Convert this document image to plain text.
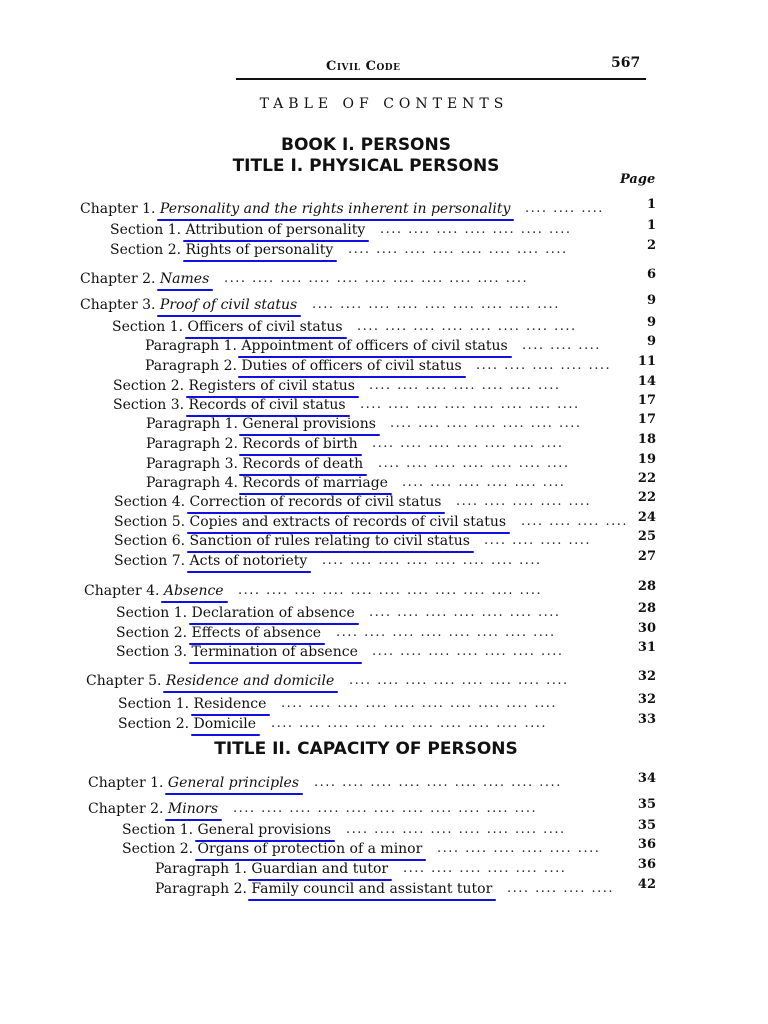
Civil Code	567
TABLE OF CONTENTS
BOOK I. PERSONS
TITLE I. PHYSICAL PERSONS
Page
TITLE II. CAPACITY OF PERSONS
Chapter 1. Personality and the rights inherent in personality .... .... ....	1
Section 1. Attribution of personality .... .... .... .... .... .... ....	1
Section 2. Rights of personality .... .... .... .... .... .... .... ....	2
Chapter 2. Names .... .... .... .... .... .... .... .... .... .... ....	6
Chapter 3. Proof of civil status .... .... .... .... .... .... .... .... ....	9
Section 1. Officers of civil status .... .... .... .... .... .... .... ....	9
Paragraph 1. Appointment of officers of civil status .... .... ....	9
Paragraph 2. Duties of officers of civil status .... .... .... .... ....	11
Section 2. Registers of civil status .... .... .... .... .... .... ....	14
Section 3. Records of civil status .... .... .... .... .... .... .... ....	17
Paragraph 1. General provisions .... .... .... .... .... .... ....	17
Paragraph 2. Records of birth .... .... .... .... .... .... ....	18
Paragraph 3. Records of death .... .... .... .... .... .... ....	19
Paragraph 4. Records of marriage .... .... .... .... .... ....	22
Section 4. Correction of records of civil status .... .... .... .... ....	22
Section 5. Copies and extracts of records of civil status .... .... .... .... 24
Section 6. Sanction of rules relating to civil status .... .... .... ....	25
Section 7. Acts of notoriety .... .... .... .... .... .... .... ....	27
Chapter 4. Absence .... .... .... .... .... .... .... .... .... .... ....	28
Section 1. Declaration of absence .... .... .... .... .... .... ....	28
Section 2. Effects of absence .... .... .... .... .... .... .... ....	30
Section 3. Termination of absence .... .... .... .... .... .... ....	31
Chapter 5. Residence and domicile .... .... .... .... .... .... .... ....	32
Section 1. Residence .... .... .... .... .... .... .... .... .... ....	32
Section 2. Domicile .... .... .... .... .... .... .... .... .... ....	33
Chapter 1. General principles .... .... .... .... .... .... .... .... ....	34
Chapter 2. Minors .... .... .... .... .... .... .... .... .... .... ....	35
Section 1. General provisions .... .... .... .... .... .... .... ....	35
Section 2. Organs of protection of a minor .... .... .... .... .... ....	36
Paragraph 1. Guardian and tutor .... .... .... .... .... ....	36
Paragraph 2. Family council and assistant tutor .... .... .... ....	42
